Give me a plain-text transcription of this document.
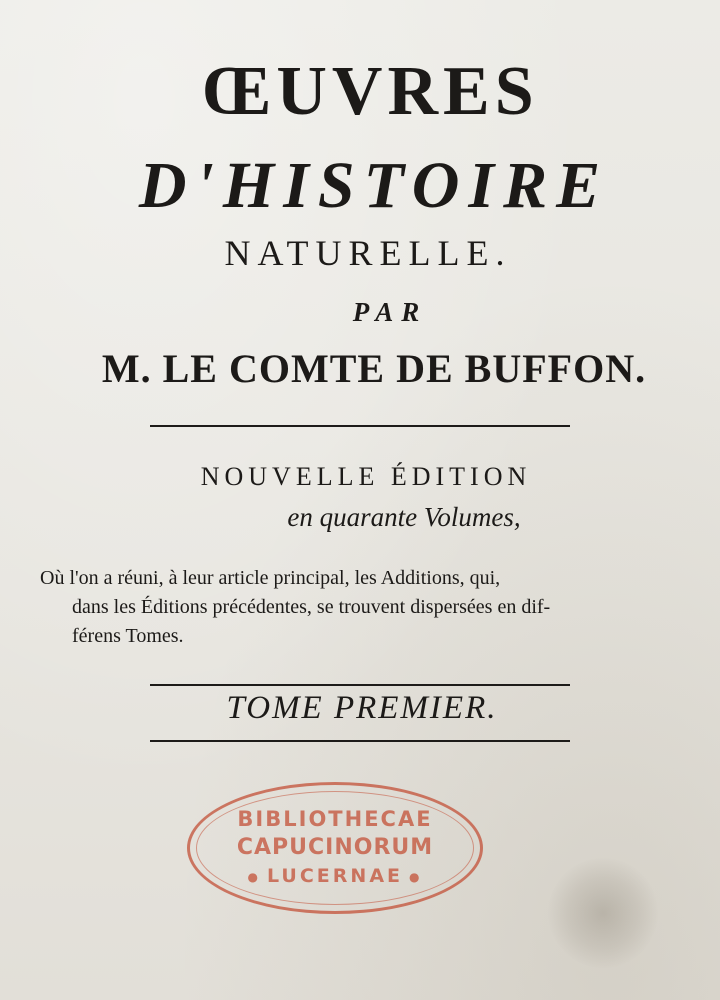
ŒUVRES
D'HISTOIRE
NATURELLE.
PAR
M. LE COMTE DE BUFFON.
NOUVELLE ÉDITION
en quarante Volumes,
Où l'on a réuni, à leur article principal, les Additions, qui,
dans les Éditions précédentes, se trouvent dispersées en dif-
férens Tomes.
TOME PREMIER.
BIBLIOTHECAE
CAPUCINORUM
● LUCERNAE ●
